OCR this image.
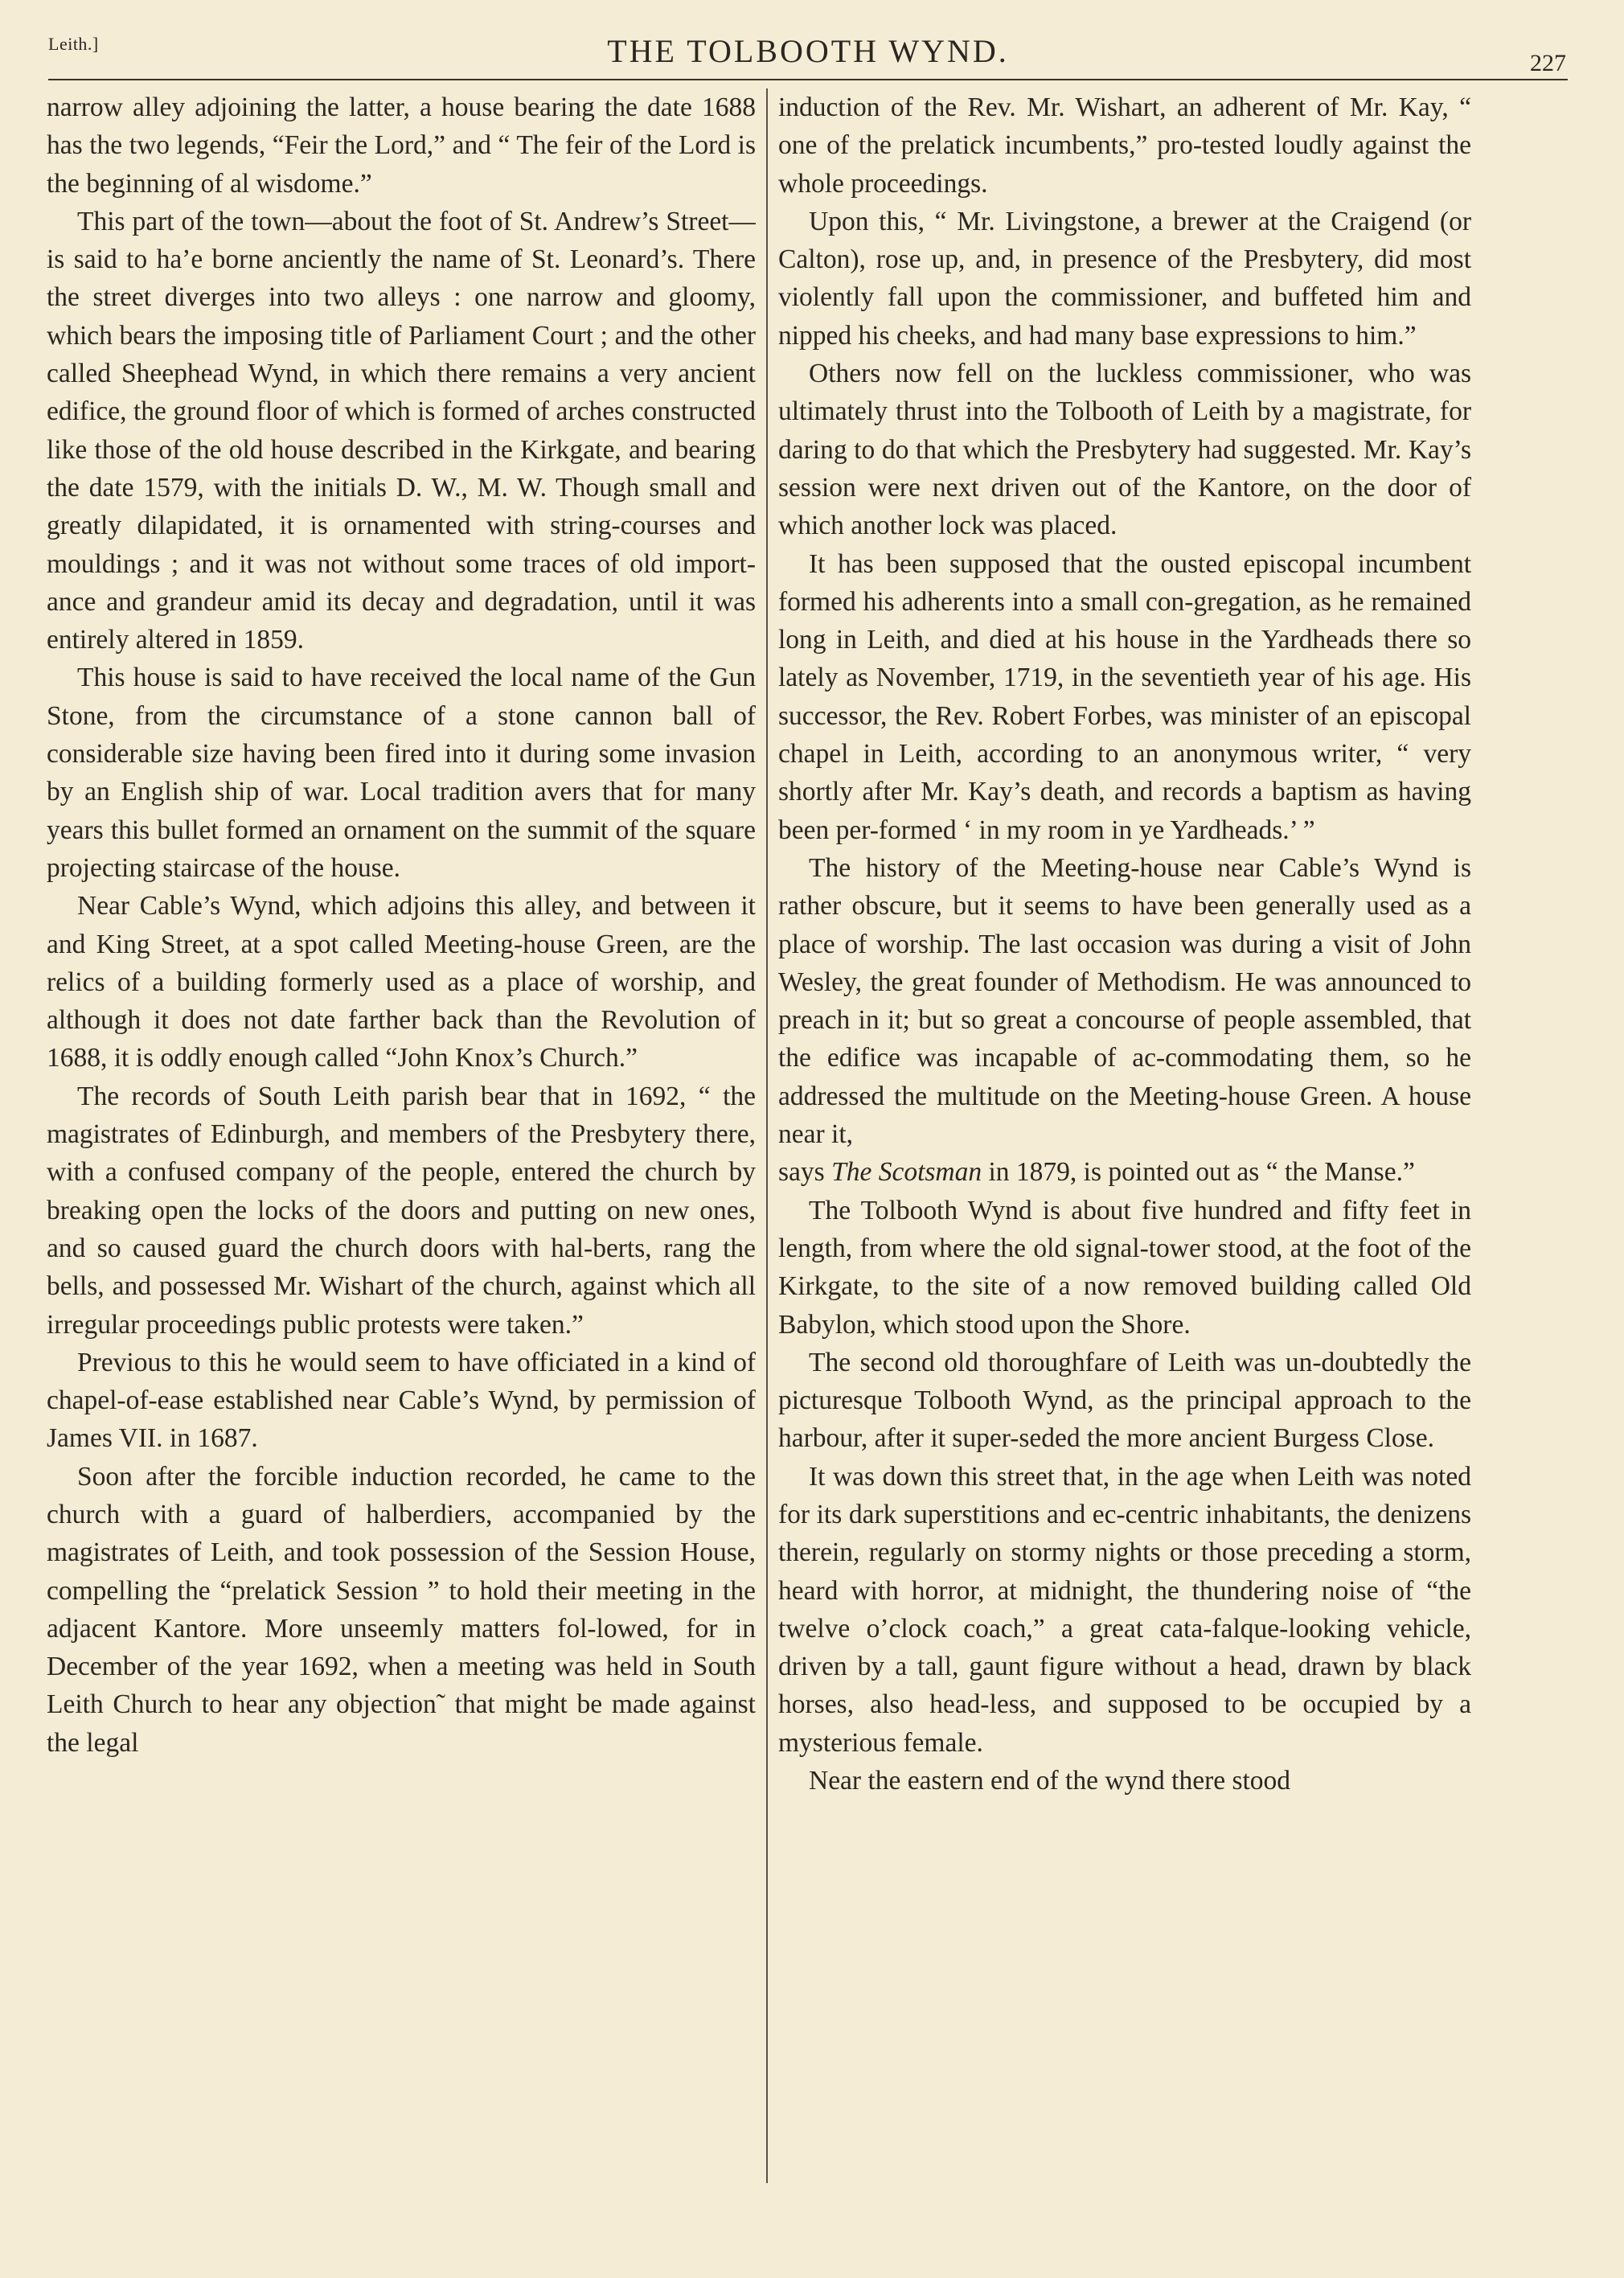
Leith.]	THE TOLBOOTH WYND.	227

narrow alley adjoining the latter, a house bearing the date 1688 has the two legends, “Feir the Lord,” and “ The feir of the Lord is the beginning of al wisdome.”

This part of the town—about the foot of St. Andrew’s Street—is said to ha’e borne anciently the name of St. Leonard’s. There the street diverges into two alleys : one narrow and gloomy, which bears the imposing title of Parliament Court ; and the other called Sheephead Wynd, in which there remains a very ancient edifice, the ground floor of which is formed of arches constructed like those of the old house described in the Kirkgate, and bearing the date 1579, with the initials D. W., M. W. Though small and greatly dilapidated, it is ornamented with string-courses and mouldings ; and it was not without some traces of old import-ance and grandeur amid its decay and degradation, until it was entirely altered in 1859.

This house is said to have received the local name of the Gun Stone, from the circumstance of a stone cannon ball of considerable size having been fired into it during some invasion by an English ship of war. Local tradition avers that for many years this bullet formed an ornament on the summit of the square projecting staircase of the house.

Near Cable’s Wynd, which adjoins this alley, and between it and King Street, at a spot called Meeting-house Green, are the relics of a building formerly used as a place of worship, and although it does not date farther back than the Revolution of 1688, it is oddly enough called “John Knox’s Church.”

The records of South Leith parish bear that in 1692, “ the magistrates of Edinburgh, and members of the Presbytery there, with a confused company of the people, entered the church by breaking open the locks of the doors and putting on new ones, and so caused guard the church doors with hal-berts, rang the bells, and possessed Mr. Wishart of the church, against which all irregular proceedings public protests were taken.”

Previous to this he would seem to have officiated in a kind of chapel-of-ease established near Cable’s Wynd, by permission of James VII. in 1687.

Soon after the forcible induction recorded, he came to the church with a guard of halberdiers, accompanied by the magistrates of Leith, and took possession of the Session House, compelling the “prelatick Session ” to hold their meeting in the adjacent Kantore. More unseemly matters fol-lowed, for in December of the year 1692, when a meeting was held in South Leith Church to hear any objection˜ that might be made against the legal

induction of the Rev. Mr. Wishart, an adherent of Mr. Kay, “ one of the prelatick incumbents,” pro-tested loudly against the whole proceedings.

Upon this, “ Mr. Livingstone, a brewer at the Craigend (or Calton), rose up, and, in presence of the Presbytery, did most violently fall upon the commissioner, and buffeted him and nipped his cheeks, and had many base expressions to him.”

Others now fell on the luckless commissioner, who was ultimately thrust into the Tolbooth of Leith by a magistrate, for daring to do that which the Presbytery had suggested. Mr. Kay’s session were next driven out of the Kantore, on the door of which another lock was placed.

It has been supposed that the ousted episcopal incumbent formed his adherents into a small con-gregation, as he remained long in Leith, and died at his house in the Yardheads there so lately as November, 1719, in the seventieth year of his age. His successor, the Rev. Robert Forbes, was minister of an episcopal chapel in Leith, according to an anonymous writer, “ very shortly after Mr. Kay’s death, and records a baptism as having been per-formed ‘ in my room in ye Yardheads.’ ”

The history of the Meeting-house near Cable’s Wynd is rather obscure, but it seems to have been generally used as a place of worship. The last occasion was during a visit of John Wesley, the great founder of Methodism. He was announced to preach in it; but so great a concourse of people assembled, that the edifice was incapable of ac-commodating them, so he addressed the multitude on the Meeting-house Green. A house near it,

says The Scotsman in 1879, is pointed out as “ the Manse.”

The Tolbooth Wynd is about five hundred and fifty feet in length, from where the old signal-tower stood, at the foot of the Kirkgate, to the site of a now removed building called Old Babylon, which stood upon the Shore.

The second old thoroughfare of Leith was un-doubtedly the picturesque Tolbooth Wynd, as the principal approach to the harbour, after it super-seded the more ancient Burgess Close.

It was down this street that, in the age when Leith was noted for its dark superstitions and ec-centric inhabitants, the denizens therein, regularly on stormy nights or those preceding a storm, heard with horror, at midnight, the thundering noise of “the twelve o’clock coach,” a great cata-falque-looking vehicle, driven by a tall, gaunt figure without a head, drawn by black horses, also head-less, and supposed to be occupied by a mysterious female.

Near the eastern end of the wynd there stood
